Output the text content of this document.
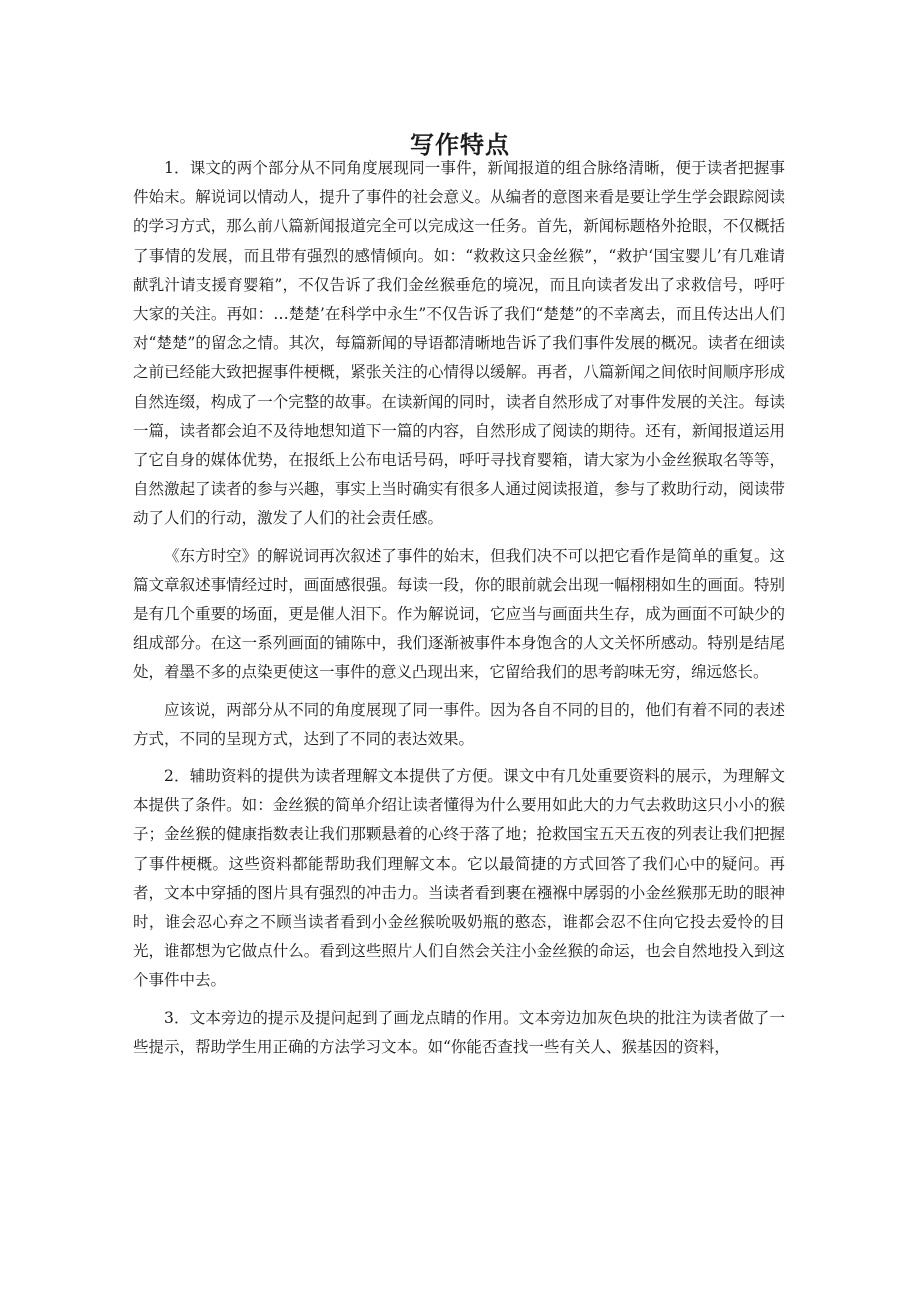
写作特点

1．课文的两个部分从不同角度展现同一事件，新闻报道的组合脉络清晰，便于读者把握事件始末。解说词以情动人，提升了事件的社会意义。从编者的意图来看是要让学生学会跟踪阅读的学习方式，那么前八篇新闻报道完全可以完成这一任务。首先，新闻标题格外抢眼，不仅概括了事情的发展，而且带有强烈的感情倾向。如：“救救这只金丝猴”，“救护‘国宝婴儿’有几难请献乳汁请支援育婴箱”，不仅告诉了我们金丝猴垂危的境况，而且向读者发出了求救信号，呼吁大家的关注。再如：…楚楚’在科学中永生”不仅告诉了我们“楚楚”的不幸离去，而且传达出人们对“楚楚”的留念之情。其次，每篇新闻的导语都清晰地告诉了我们事件发展的概况。读者在细读之前已经能大致把握事件梗概，紧张关注的心情得以缓解。再者，八篇新闻之间依时间顺序形成自然连缀，构成了一个完整的故事。在读新闻的同时，读者自然形成了对事件发展的关注。每读一篇，读者都会迫不及待地想知道下一篇的内容，自然形成了阅读的期待。还有，新闻报道运用了它自身的媒体优势，在报纸上公布电话号码，呼吁寻找育婴箱，请大家为小金丝猴取名等等，自然激起了读者的参与兴趣，事实上当时确实有很多人通过阅读报道，参与了救助行动，阅读带动了人们的行动，激发了人们的社会责任感。

《东方时空》的解说词再次叙述了事件的始末，但我们决不可以把它看作是简单的重复。这篇文章叙述事情经过时，画面感很强。每读一段，你的眼前就会出现一幅栩栩如生的画面。特别是有几个重要的场面，更是催人泪下。作为解说词，它应当与画面共生存，成为画面不可缺少的组成部分。在这一系列画面的铺陈中，我们逐渐被事件本身饱含的人文关怀所感动。特别是结尾处，着墨不多的点染更使这一事件的意义凸现出来，它留给我们的思考韵味无穷，绵远悠长。

应该说，两部分从不同的角度展现了同一事件。因为各自不同的目的，他们有着不同的表述方式，不同的呈现方式，达到了不同的表达效果。

2．辅助资料的提供为读者理解文本提供了方便。课文中有几处重要资料的展示，为理解文本提供了条件。如：金丝猴的简单介绍让读者懂得为什么要用如此大的力气去救助这只小小的猴子；金丝猴的健康指数表让我们那颗悬着的心终于落了地；抢救国宝五天五夜的列表让我们把握了事件梗概。这些资料都能帮助我们理解文本。它以最简捷的方式回答了我们心中的疑问。再者，文本中穿插的图片具有强烈的冲击力。当读者看到裹在襁褓中孱弱的小金丝猴那无助的眼神时，谁会忍心弃之不顾当读者看到小金丝猴吮吸奶瓶的憨态，谁都会忍不住向它投去爱怜的目光，谁都想为它做点什么。看到这些照片人们自然会关注小金丝猴的命运，也会自然地投入到这个事件中去。

3．文本旁边的提示及提问起到了画龙点睛的作用。文本旁边加灰色块的批注为读者做了一些提示，帮助学生用正确的方法学习文本。如“你能否查找一些有关人、猴基因的资料，
